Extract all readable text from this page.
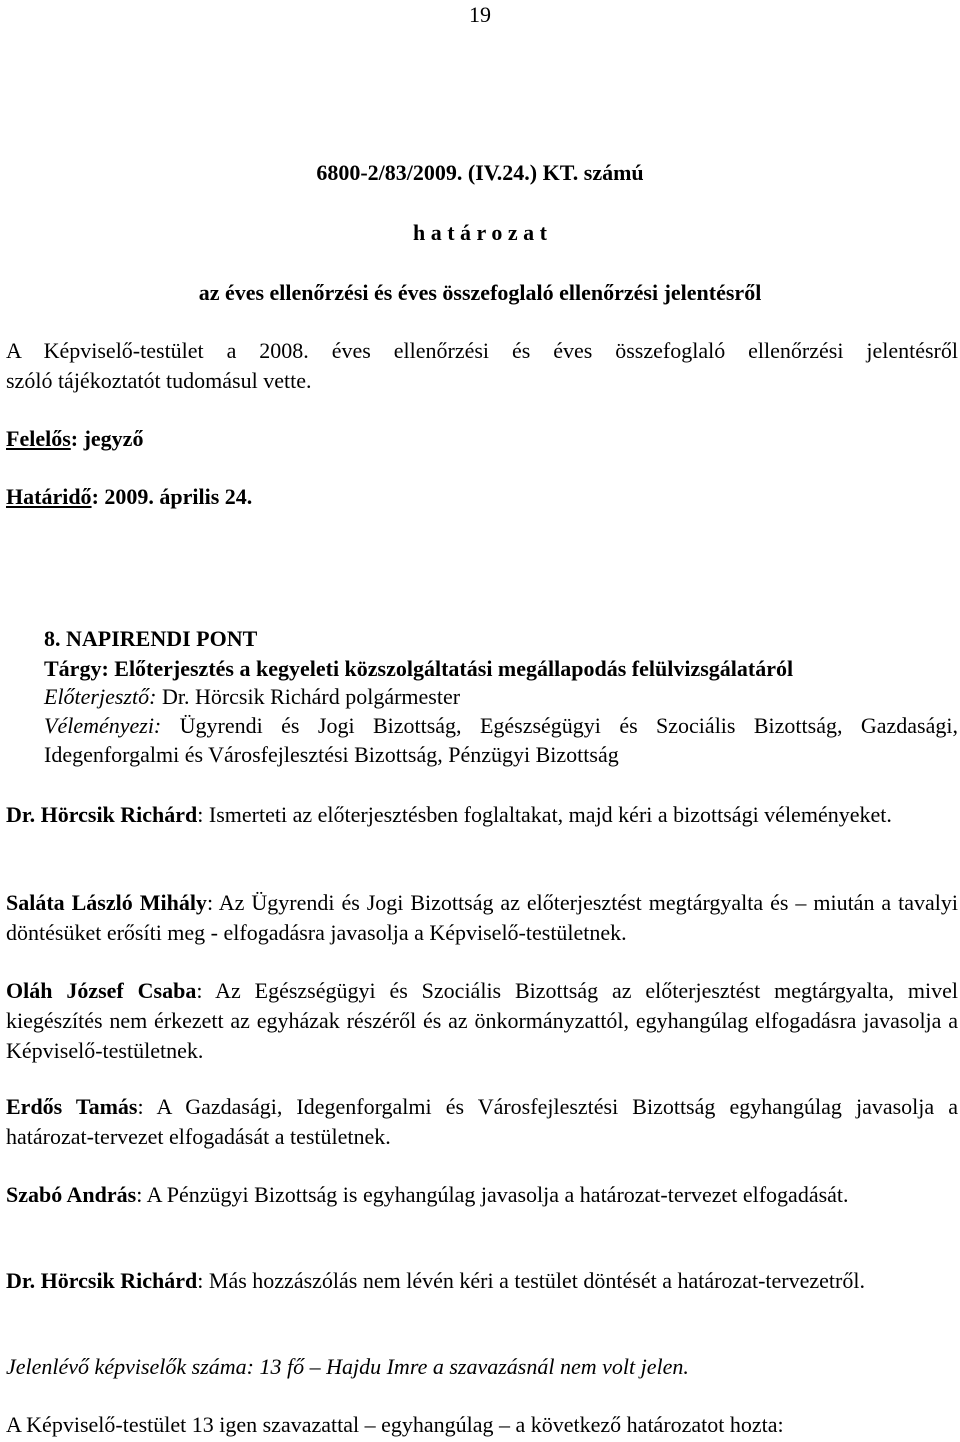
19
6800-2/83/2009. (IV.24.) KT. számú
h a t á r o z a t
az éves ellenőrzési és éves összefoglaló ellenőrzési jelentésről
A Képviselő-testület a 2008. éves ellenőrzési és éves összefoglaló ellenőrzési jelentésről
szóló tájékoztatót tudomásul vette.
Felelős: jegyző
Határidő: 2009. április 24.
8. NAPIRENDI PONT
Tárgy: Előterjesztés a kegyeleti közszolgáltatási megállapodás felülvizsgálatáról
Előterjesztő: Dr. Hörcsik Richárd polgármester
Véleményezi: Ügyrendi és Jogi Bizottság, Egészségügyi és Szociális Bizottság, Gazdasági,
Idegenforgalmi és Városfejlesztési Bizottság, Pénzügyi Bizottság
Dr. Hörcsik Richárd: Ismerteti az előterjesztésben foglaltakat, majd kéri a bizottsági véleményeket.
Saláta László Mihály: Az Ügyrendi és Jogi Bizottság az előterjesztést megtárgyalta és – miután a tavalyi döntésüket erősíti meg - elfogadásra javasolja a Képviselő-testületnek.
Oláh József Csaba: Az Egészségügyi és Szociális Bizottság az előterjesztést megtárgyalta, mivel kiegészítés nem érkezett az egyházak részéről és az önkormányzattól, egyhangúlag elfogadásra javasolja a Képviselő-testületnek.
Erdős Tamás: A Gazdasági, Idegenforgalmi és Városfejlesztési Bizottság egyhangúlag javasolja a határozat-tervezet elfogadását a testületnek.
Szabó András: A Pénzügyi Bizottság is egyhangúlag javasolja a határozat-tervezet elfogadását.
Dr. Hörcsik Richárd: Más hozzászólás nem lévén kéri a testület döntését a határozat-tervezetről.
Jelenlévő képviselők száma: 13 fő – Hajdu Imre a szavazásnál nem volt jelen.
A Képviselő-testület 13 igen szavazattal – egyhangúlag – a következő határozatot hozta:
